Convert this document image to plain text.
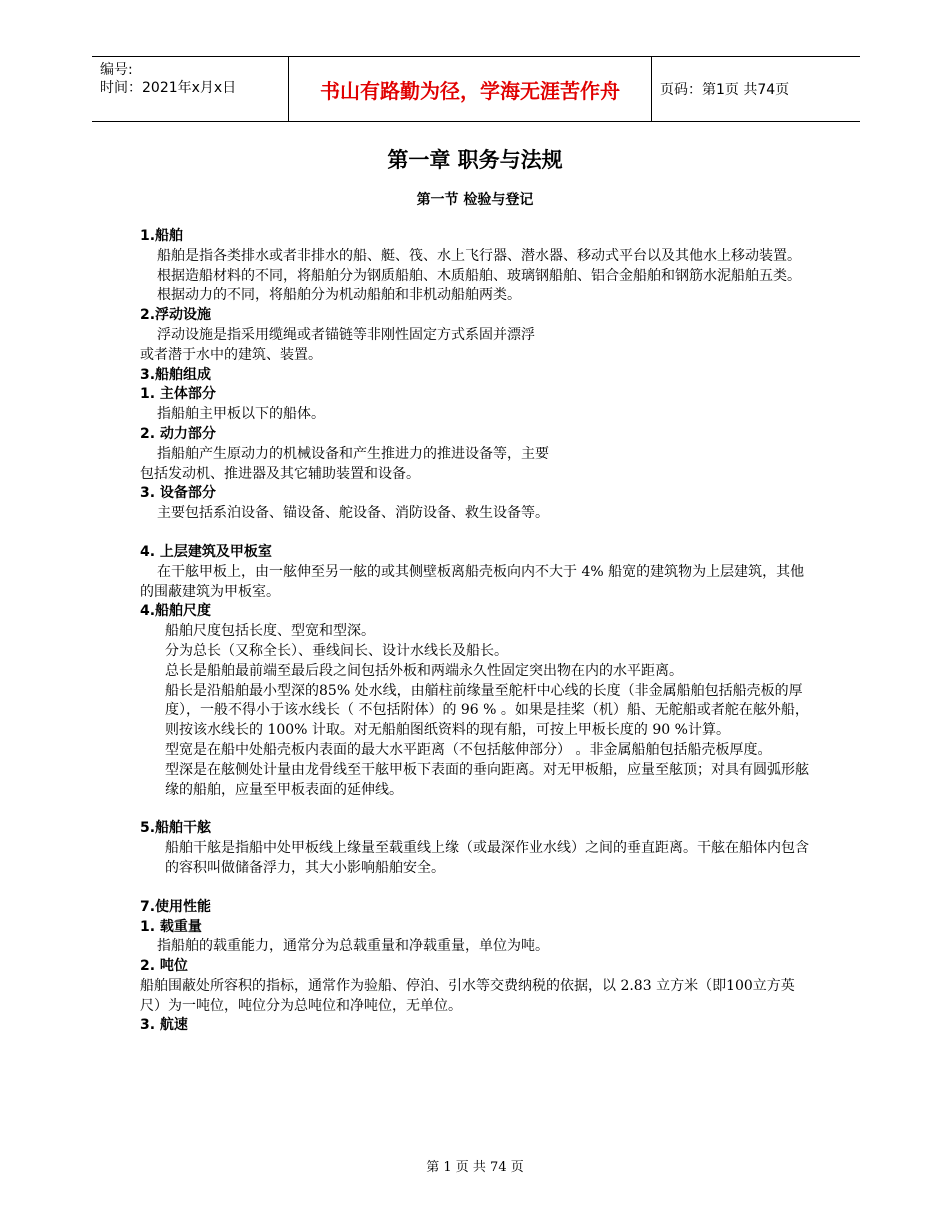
编号:
时间：2021年x月x日	书山有路勤为径，学海无涯苦作舟	页码：第1页 共74页
第一章 职务与法规
第一节 检验与登记

1.船舶

船舶是指各类排水或者非排水的船、艇、筏、水上飞行器、潜水器、移动式平台以及其他水上移动装置。

根据造船材料的不同，将船舶分为钢质船舶、木质船舶、玻璃钢船舶、铝合金船舶和钢筋水泥船舶五类。

根据动力的不同，将船舶分为机动船舶和非机动船舶两类。

2.浮动设施

浮动设施是指采用缆绳或者锚链等非刚性固定方式系固并漂浮

或者潜于水中的建筑、装置。

3.船舶组成

1. 主体部分

指船舶主甲板以下的船体。

2. 动力部分

指船舶产生原动力的机械设备和产生推进力的推进设备等，主要

包括发动机、推进器及其它辅助装置和设备。

3. 设备部分

主要包括系泊设备、锚设备、舵设备、消防设备、救生设备等。

4. 上层建筑及甲板室

在干舷甲板上，由一舷伸至另一舷的或其侧壁板离船壳板向内不大于 4% 船宽的建筑物为上层建筑，其他的围蔽建筑为甲板室。

4.船舶尺度

船舶尺度包括长度、型宽和型深。

分为总长（又称全长）、垂线间长、设计水线长及船长。

总长是船舶最前端至最后段之间包括外板和两端永久性固定突出物在内的水平距离。

船长是沿船舶最小型深的85% 处水线，由艏柱前缘量至舵杆中心线的长度（非金属船舶包括船壳板的厚度），一般不得小于该水线长（ 不包括附体）的 96 % 。如果是挂桨（机）船、无舵船或者舵在舷外船，则按该水线长的 100% 计取。对无船舶图纸资料的现有船，可按上甲板长度的 90 %计算。

型宽是在船中处船壳板内表面的最大水平距离（不包括舷伸部分） 。非金属船舶包括船壳板厚度。

型深是在舷侧处计量由龙骨线至干舷甲板下表面的垂向距离。对无甲板船，应量至舷顶；对具有圆弧形舷缘的船舶，应量至甲板表面的延伸线。

5.船舶干舷

船舶干舷是指船中处甲板线上缘量至载重线上缘（或最深作业水线）之间的垂直距离。干舷在船体内包含的容积叫做储备浮力，其大小影响船舶安全。

7.使用性能

1. 载重量

指船舶的载重能力，通常分为总载重量和净载重量，单位为吨。

2. 吨位

船舶围蔽处所容积的指标，通常作为验船、停泊、引水等交费纳税的依据，以 2.83 立方米（即100立方英尺）为一吨位，吨位分为总吨位和净吨位，无单位。

3. 航速

第 1 页 共 74 页
